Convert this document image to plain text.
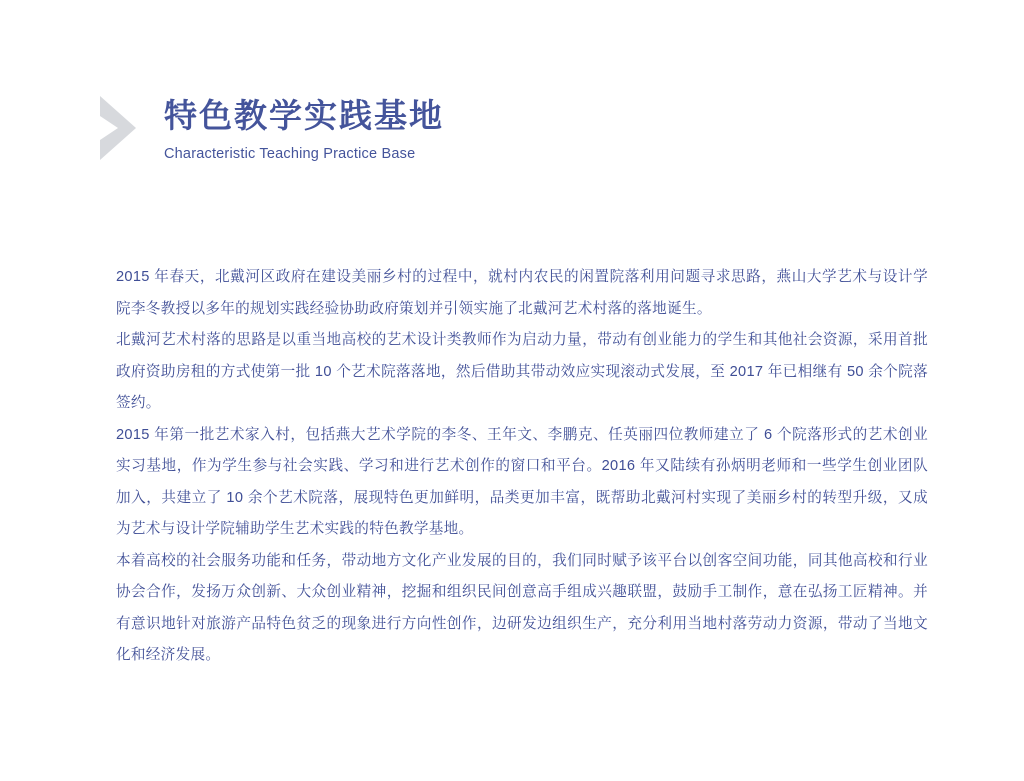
特色教学实践基地
Characteristic Teaching Practice Base

2015 年春天，北戴河区政府在建设美丽乡村的过程中，就村内农民的闲置院落利用问题寻求思路，燕山大学艺术与设计学院李冬教授以多年的规划实践经验协助政府策划并引领实施了北戴河艺术村落的落地诞生。

北戴河艺术村落的思路是以重当地高校的艺术设计类教师作为启动力量，带动有创业能力的学生和其他社会资源，采用首批政府资助房租的方式使第一批 10 个艺术院落落地，然后借助其带动效应实现滚动式发展，至 2017 年已相继有 50 余个院落签约。

2015 年第一批艺术家入村，包括燕大艺术学院的李冬、王年文、李鹏克、任英丽四位教师建立了 6 个院落形式的艺术创业实习基地，作为学生参与社会实践、学习和进行艺术创作的窗口和平台。2016 年又陆续有孙炳明老师和一些学生创业团队加入，共建立了 10 余个艺术院落，展现特色更加鲜明，品类更加丰富，既帮助北戴河村实现了美丽乡村的转型升级，又成为艺术与设计学院辅助学生艺术实践的特色教学基地。

本着高校的社会服务功能和任务，带动地方文化产业发展的目的，我们同时赋予该平台以创客空间功能，同其他高校和行业协会合作，发扬万众创新、大众创业精神，挖掘和组织民间创意高手组成兴趣联盟，鼓励手工制作，意在弘扬工匠精神。并有意识地针对旅游产品特色贫乏的现象进行方向性创作，边研发边组织生产，充分利用当地村落劳动力资源，带动了当地文化和经济发展。
